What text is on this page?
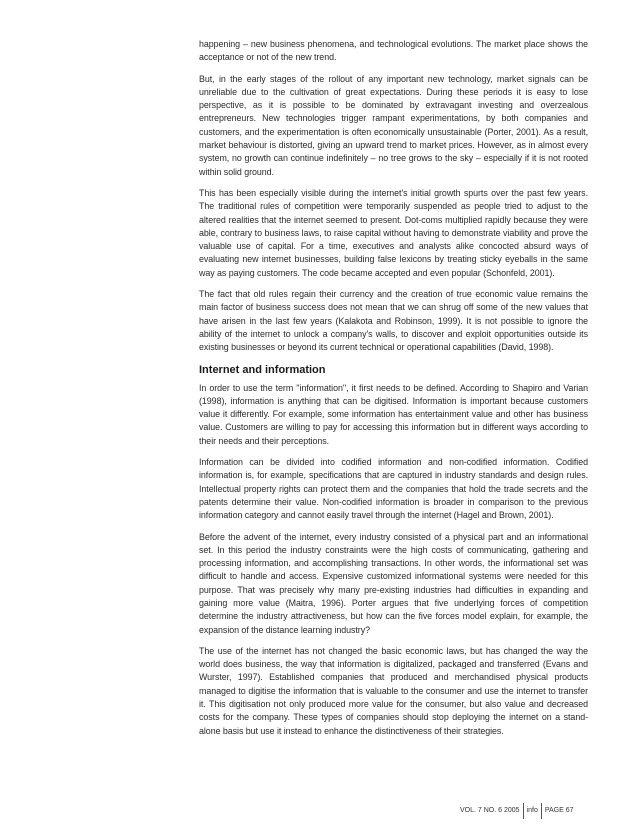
happening – new business phenomena, and technological evolutions. The market place shows the acceptance or not of the new trend.

But, in the early stages of the rollout of any important new technology, market signals can be unreliable due to the cultivation of great expectations. During these periods it is easy to lose perspective, as it is possible to be dominated by extravagant investing and overzealous entrepreneurs. New technologies trigger rampant experimentations, by both companies and customers, and the experimentation is often economically unsustainable (Porter, 2001). As a result, market behaviour is distorted, giving an upward trend to market prices. However, as in almost every system, no growth can continue indefinitely – no tree grows to the sky – especially if it is not rooted within solid ground.

This has been especially visible during the internet's initial growth spurts over the past few years. The traditional rules of competition were temporarily suspended as people tried to adjust to the altered realities that the internet seemed to present. Dot-coms multiplied rapidly because they were able, contrary to business laws, to raise capital without having to demonstrate viability and prove the valuable use of capital. For a time, executives and analysts alike concocted absurd ways of evaluating new internet businesses, building false lexicons by treating sticky eyeballs in the same way as paying customers. The code became accepted and even popular (Schonfeld, 2001).

The fact that old rules regain their currency and the creation of true economic value remains the main factor of business success does not mean that we can shrug off some of the new values that have arisen in the last few years (Kalakota and Robinson, 1999). It is not possible to ignore the ability of the internet to unlock a company's walls, to discover and exploit opportunities outside its existing businesses or beyond its current technical or operational capabilities (David, 1998).

Internet and information

In order to use the term ''information'', it first needs to be defined. According to Shapiro and Varian (1998), information is anything that can be digitised. Information is important because customers value it differently. For example, some information has entertainment value and other has business value. Customers are willing to pay for accessing this information but in different ways according to their needs and their perceptions.

Information can be divided into codified information and non-codified information. Codified information is, for example, specifications that are captured in industry standards and design rules. Intellectual property rights can protect them and the companies that hold the trade secrets and the patents determine their value. Non-codified information is broader in comparison to the previous information category and cannot easily travel through the internet (Hagel and Brown, 2001).

Before the advent of the internet, every industry consisted of a physical part and an informational set. In this period the industry constraints were the high costs of communicating, gathering and processing information, and accomplishing transactions. In other words, the informational set was difficult to handle and access. Expensive customized informational systems were needed for this purpose. That was precisely why many pre-existing industries had difficulties in expanding and gaining more value (Maitra, 1996). Porter argues that five underlying forces of competition determine the industry attractiveness, but how can the five forces model explain, for example, the expansion of the distance learning industry?

The use of the internet has not changed the basic economic laws, but has changed the way the world does business, the way that information is digitalized, packaged and transferred (Evans and Wurster, 1997). Established companies that produced and merchandised physical products managed to digitise the information that is valuable to the consumer and use the internet to transfer it. This digitisation not only produced more value for the consumer, but also value and decreased costs for the company. These types of companies should stop deploying the internet on a stand-alone basis but use it instead to enhance the distinctiveness of their strategies.

VOL. 7 NO. 6 2005 info PAGE 67
